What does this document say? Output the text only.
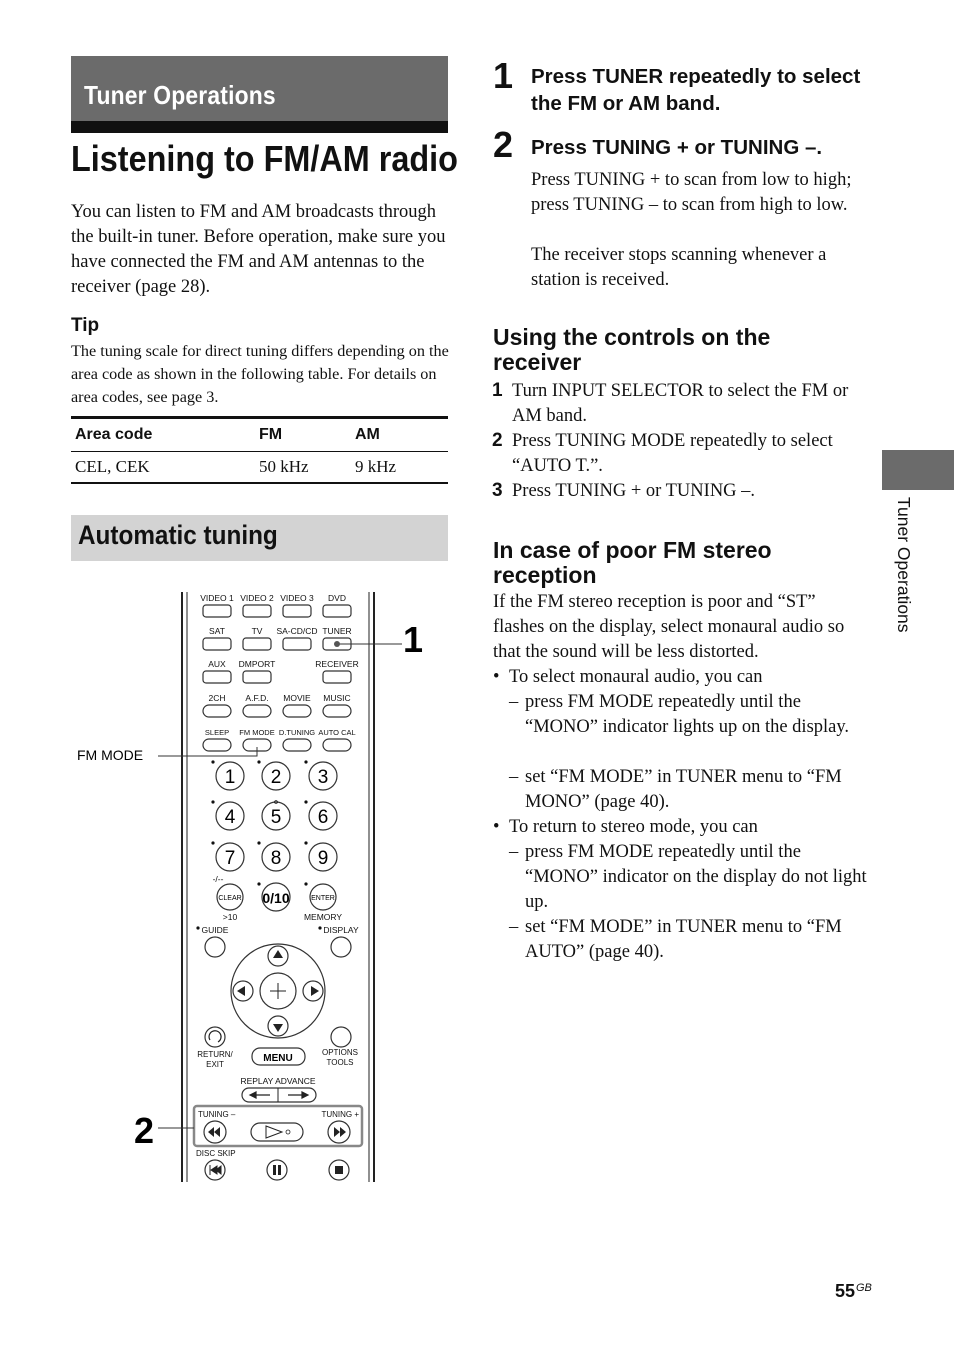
Tuner Operations
Listening to FM/AM radio
You can listen to FM and AM broadcasts through the built-in tuner. Before operation, make sure you have connected the FM and AM antennas to the receiver (page 28).
Tip
The tuning scale for direct tuning differs depending on the area code as shown in the following table. For details on area codes, see page 3.
Area code	FM	AM
CEL, CEK	50 kHz	9 kHz
Automatic tuning
VIDEO 1 VIDEO 2 VIDEO 3 DVD
SAT	TV SA-CD/CD TUNER
AUX DMPORT	RECEIVER
2CH A.F.D. MOVIE MUSIC
SLEEP FM MODE D.TUNING AUTO CAL
1 2 3
4 5 6
7 8 9
-/--
CLEAR 0/10	ENTER
>10	MEMORY
GUIDE	DISPLAY
RETURN/
EXIT
MENU
OPTIONS
TOOLS
REPLAY ADVANCE
TUNING –	TUNING +
DISC SKIP
FM MODE
1
2
1 Press TUNER repeatedly to select the FM or AM band.
2 Press TUNING + or TUNING –.
Press TUNING + to scan from low to high; press TUNING – to scan from high to low.
The receiver stops scanning whenever a station is received.
Using the controls on the receiver
1 Turn INPUT SELECTOR to select the FM or AM band.
2 Press TUNING MODE repeatedly to select “AUTO T.”.
3 Press TUNING + or TUNING –.
In case of poor FM stereo reception
If the FM stereo reception is poor and “ST” flashes on the display, select monaural audio so that the sound will be less distorted.
• To select monaural audio, you can
– press FM MODE repeatedly until the “MONO” indicator lights up on the display.
– set “FM MODE” in TUNER menu to “FM MONO” (page 40).
• To return to stereo mode, you can
– press FM MODE repeatedly until the “MONO” indicator on the display do not light up.
– set “FM MODE” in TUNER menu to “FM AUTO” (page 40).
Tuner Operations
55 GB
